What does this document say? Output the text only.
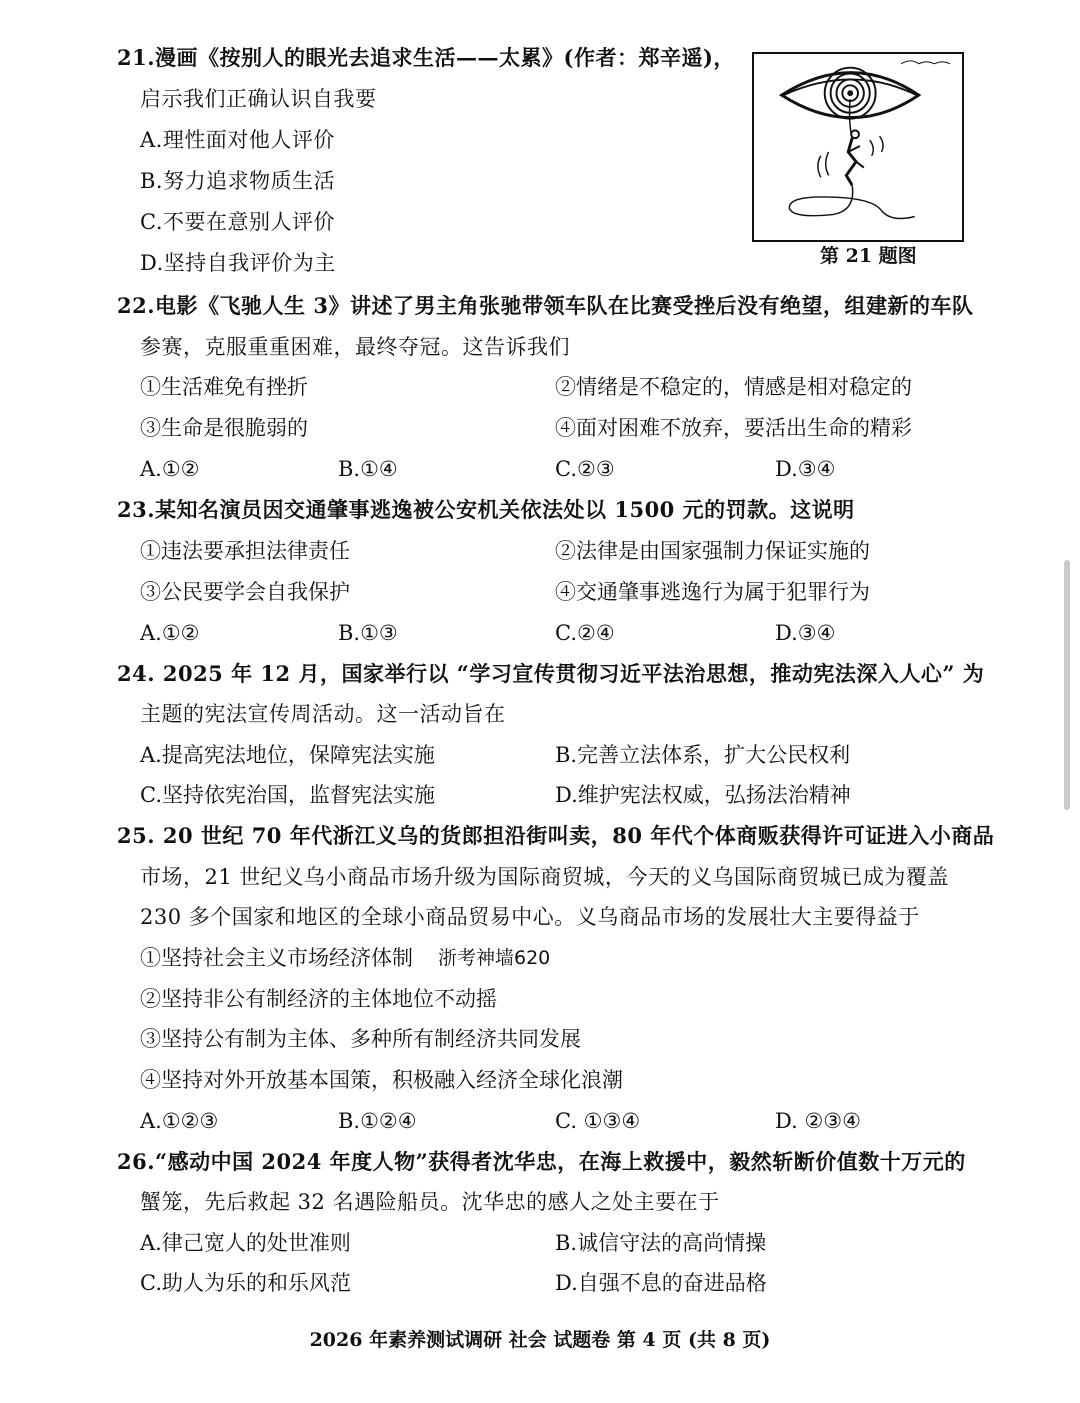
21.漫画《按别人的眼光去追求生活——太累》(作者：郑辛遥)，
启示我们正确认识自我要
A.理性面对他人评价
B.努力追求物质生活
C.不要在意别人评价
D.坚持自我评价为主	第 21 题图
22.电影《飞驰人生 3》讲述了男主角张驰带领车队在比赛受挫后没有绝望，组建新的车队
参赛，克服重重困难，最终夺冠。这告诉我们
①生活难免有挫折	②情绪是不稳定的，情感是相对稳定的
③生命是很脆弱的	④面对困难不放弃，要活出生命的精彩
A.①②	B.①④	C.②③	D.③④
23.某知名演员因交通肇事逃逸被公安机关依法处以 1500 元的罚款。这说明
①违法要承担法律责任	②法律是由国家强制力保证实施的
③公民要学会自我保护	④交通肇事逃逸行为属于犯罪行为
A.①②	B.①③	C.②④	D.③④
24. 2025 年 12 月，国家举行以 “学习宣传贯彻习近平法治思想，推动宪法深入人心” 为
主题的宪法宣传周活动。这一活动旨在
A.提高宪法地位，保障宪法实施	B.完善立法体系，扩大公民权利
C.坚持依宪治国，监督宪法实施	D.维护宪法权威，弘扬法治精神
25. 20 世纪 70 年代浙江义乌的货郎担沿街叫卖，80 年代个体商贩获得许可证进入小商品
市场，21 世纪义乌小商品市场升级为国际商贸城，今天的义乌国际商贸城已成为覆盖
230 多个国家和地区的全球小商品贸易中心。义乌商品市场的发展壮大主要得益于
①坚持社会主义市场经济体制 浙考神墙620
②坚持非公有制经济的主体地位不动摇
③坚持公有制为主体、多种所有制经济共同发展
④坚持对外开放基本国策，积极融入经济全球化浪潮
A.①②③	B.①②④	C. ①③④	D. ②③④
26.“感动中国 2024 年度人物”获得者沈华忠，在海上救援中，毅然斩断价值数十万元的
蟹笼，先后救起 32 名遇险船员。沈华忠的感人之处主要在于
A.律己宽人的处世准则	B.诚信守法的高尚情操
C.助人为乐的和乐风范	D.自强不息的奋进品格
2026 年素养测试调研 社会 试题卷 第 4 页 (共 8 页)
